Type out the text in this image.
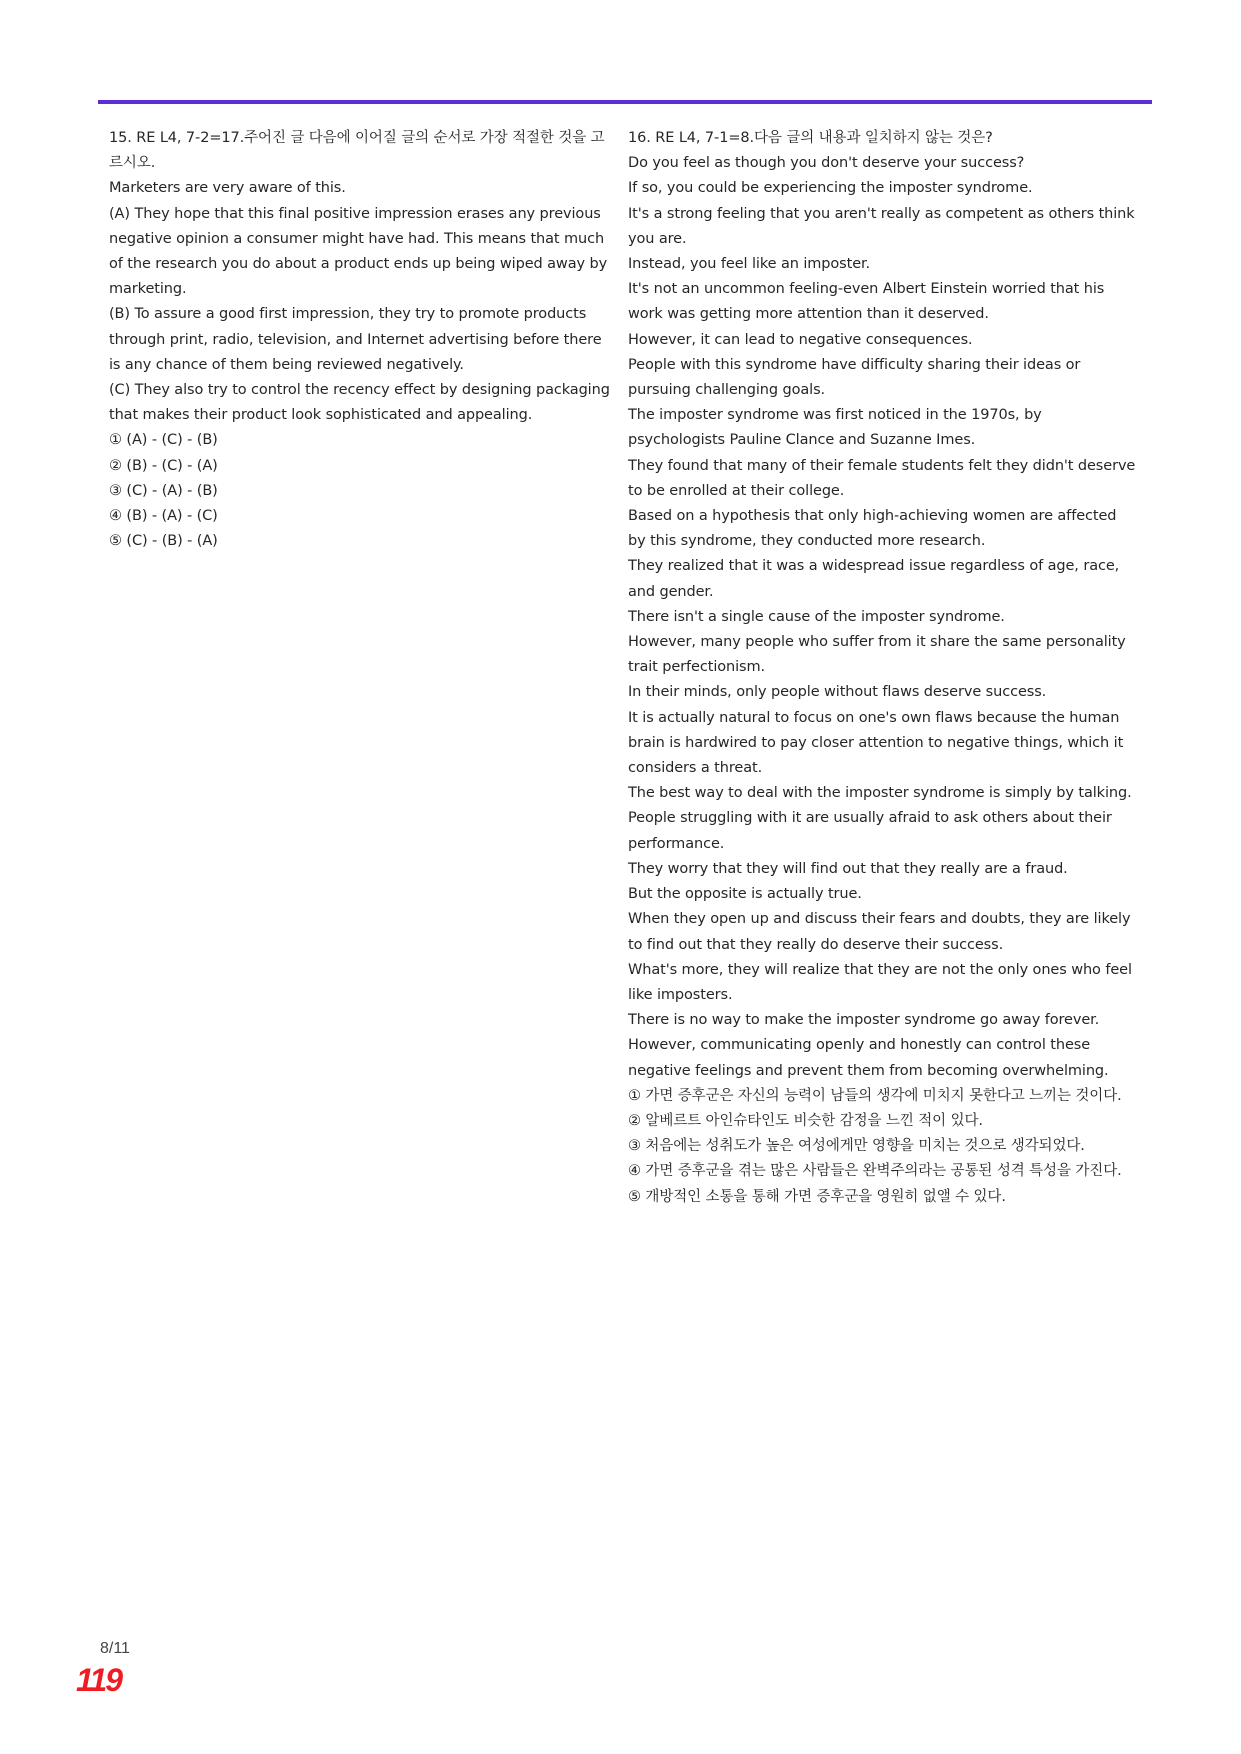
15. RE L4, 7-2=17.주어진 글 다음에 이어질 글의 순서로 가장 적절한 것을 고르시오.
Marketers are very aware of this.
(A) They hope that this final positive impression erases any previous negative opinion a consumer might have had. This means that much of the research you do about a product ends up being wiped away by marketing.
(B) To assure a good first impression, they try to promote products through print, radio, television, and Internet advertising before there is any chance of them being reviewed negatively.
(C) They also try to control the recency effect by designing packaging that makes their product look sophisticated and appealing.
① (A) - (C) - (B)
② (B) - (C) - (A)
③ (C) - (A) - (B)
④ (B) - (A) - (C)
⑤ (C) - (B) - (A)
16. RE L4, 7-1=8.다음 글의 내용과 일치하지 않는 것은?
Do you feel as though you don't deserve your success?
If so, you could be experiencing the imposter syndrome.
It's a strong feeling that you aren't really as competent as others think you are.
Instead, you feel like an imposter.
It's not an uncommon feeling-even Albert Einstein worried that his work was getting more attention than it deserved.
However, it can lead to negative consequences.
People with this syndrome have difficulty sharing their ideas or pursuing challenging goals.
The imposter syndrome was first noticed in the 1970s, by psychologists Pauline Clance and Suzanne Imes.
They found that many of their female students felt they didn't deserve to be enrolled at their college.
Based on a hypothesis that only high-achieving women are affected by this syndrome, they conducted more research.
They realized that it was a widespread issue regardless of age, race, and gender.
There isn't a single cause of the imposter syndrome.
However, many people who suffer from it share the same personality trait perfectionism.
In their minds, only people without flaws deserve success.
It is actually natural to focus on one's own flaws because the human brain is hardwired to pay closer attention to negative things, which it considers a threat.
The best way to deal with the imposter syndrome is simply by talking.
People struggling with it are usually afraid to ask others about their performance.
They worry that they will find out that they really are a fraud.
But the opposite is actually true.
When they open up and discuss their fears and doubts, they are likely to find out that they really do deserve their success.
What's more, they will realize that they are not the only ones who feel like imposters.
There is no way to make the imposter syndrome go away forever.
However, communicating openly and honestly can control these negative feelings and prevent them from becoming overwhelming.
① 가면 증후군은 자신의 능력이 남들의 생각에 미치지 못한다고 느끼는 것이다.
② 알베르트 아인슈타인도 비슷한 감정을 느낀 적이 있다.
③ 처음에는 성취도가 높은 여성에게만 영향을 미치는 것으로 생각되었다.
④ 가면 증후군을 겪는 많은 사람들은 완벽주의라는 공통된 성격 특성을 가진다.
⑤ 개방적인 소통을 통해 가면 증후군을 영원히 없앨 수 있다.
8/11
119
